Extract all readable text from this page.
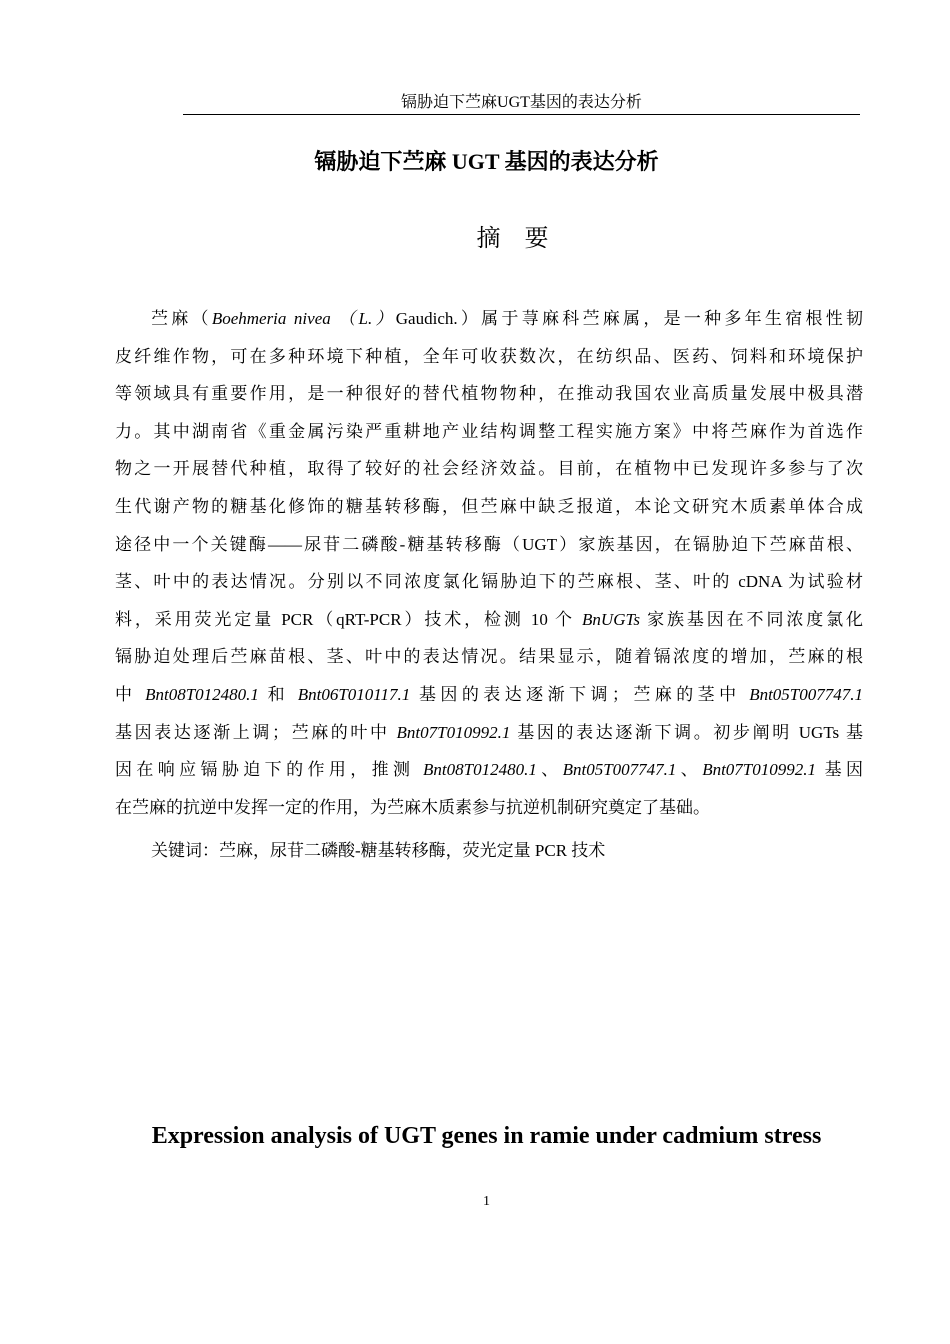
镉胁迫下苎麻UGT基因的表达分析
镉胁迫下苎麻 UGT 基因的表达分析
摘 要
苎麻（Boehmeria nivea （L.）Gaudich.）属于荨麻科苎麻属，是一种多年生宿根性韧
皮纤维作物，可在多种环境下种植，全年可收获数次，在纺织品、医药、饲料和环境保护
等领域具有重要作用，是一种很好的替代植物物种，在推动我国农业高质量发展中极具潜
力。其中湖南省《重金属污染严重耕地产业结构调整工程实施方案》中将苎麻作为首选作
物之一开展替代种植，取得了较好的社会经济效益。目前，在植物中已发现许多参与了次
生代谢产物的糖基化修饰的糖基转移酶，但苎麻中缺乏报道，本论文研究木质素单体合成
途径中一个关键酶——尿苷二磷酸-糖基转移酶（UGT）家族基因，在镉胁迫下苎麻苗根、
茎、叶中的表达情况。分别以不同浓度氯化镉胁迫下的苎麻根、茎、叶的 cDNA 为试验材
料，采用荧光定量 PCR（qRT-PCR）技术，检测 10 个 BnUGTs 家族基因在不同浓度氯化
镉胁迫处理后苎麻苗根、茎、叶中的表达情况。结果显示，随着镉浓度的增加，苎麻的根
中 Bnt08T012480.1 和 Bnt06T010117.1 基因的表达逐渐下调；苎麻的茎中 Bnt05T007747.1
基因表达逐渐上调；苎麻的叶中 Bnt07T010992.1 基因的表达逐渐下调。初步阐明 UGTs 基
因在响应镉胁迫下的作用，推测 Bnt08T012480.1、Bnt05T007747.1、Bnt07T010992.1 基因
在苎麻的抗逆中发挥一定的作用，为苎麻木质素参与抗逆机制研究奠定了基础。
关键词：苎麻，尿苷二磷酸-糖基转移酶，荧光定量 PCR 技术
Expression analysis of UGT genes in ramie under cadmium stress
1
